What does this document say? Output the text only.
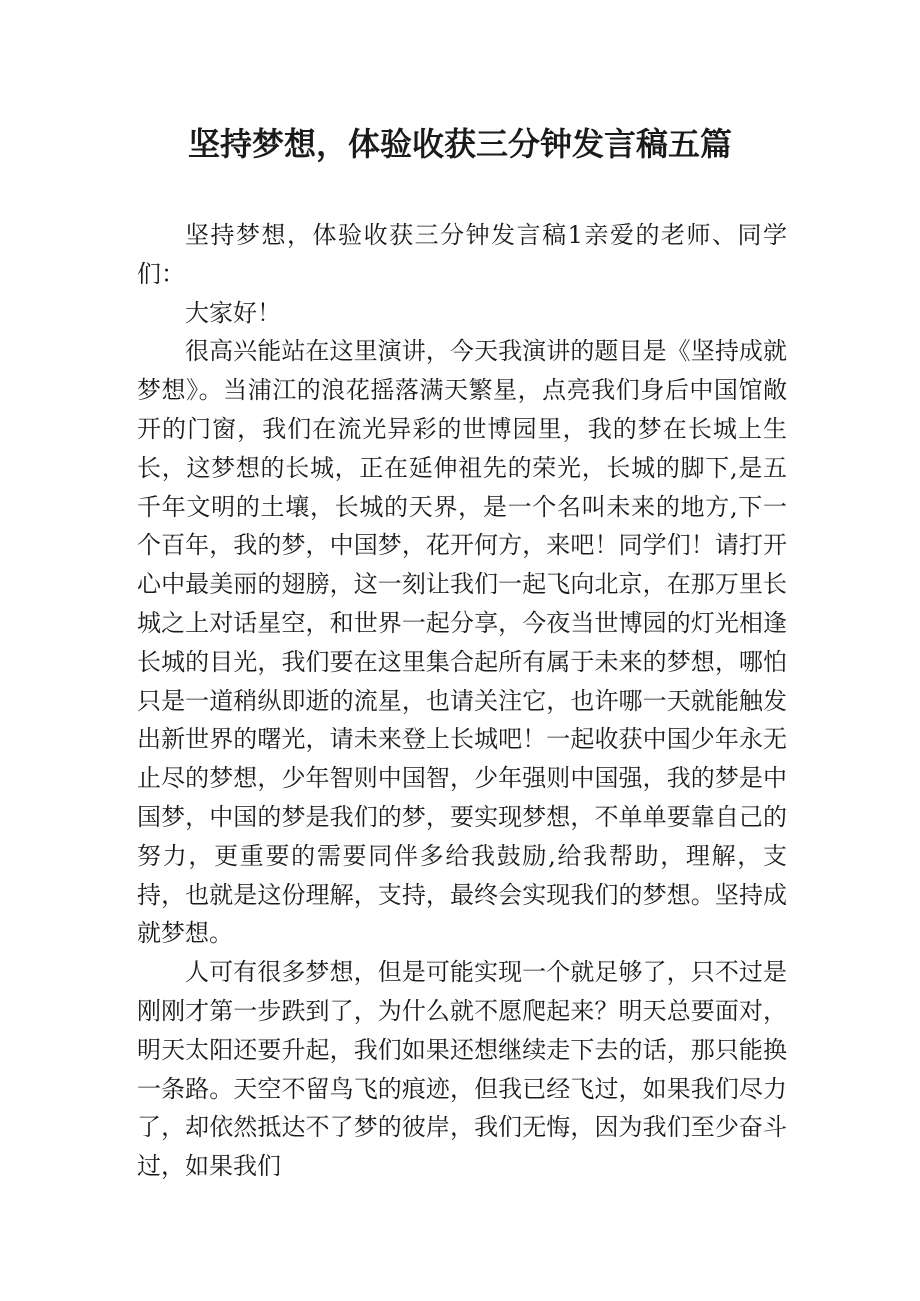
坚持梦想，体验收获三分钟发言稿五篇

坚持梦想，体验收获三分钟发言稿1亲爱的老师、同学们：

大家好！

很高兴能站在这里演讲，今天我演讲的题目是《坚持成就梦想》。当浦江的浪花摇落满天繁星，点亮我们身后中国馆敞开的门窗，我们在流光异彩的世博园里，我的梦在长城上生长，这梦想的长城，正在延伸祖先的荣光，长城的脚下,是五千年文明的土壤，长城的天界，是一个名叫未来的地方,下一个百年，我的梦，中国梦，花开何方，来吧！同学们！请打开心中最美丽的翅膀，这一刻让我们一起飞向北京，在那万里长城之上对话星空，和世界一起分享，今夜当世博园的灯光相逢长城的目光，我们要在这里集合起所有属于未来的梦想，哪怕只是一道稍纵即逝的流星，也请关注它，也许哪一天就能触发出新世界的曙光，请未来登上长城吧！一起收获中国少年永无止尽的梦想，少年智则中国智，少年强则中国强，我的梦是中国梦，中国的梦是我们的梦，要实现梦想，不单单要靠自己的努力，更重要的需要同伴多给我鼓励,给我帮助，理解，支持，也就是这份理解，支持，最终会实现我们的梦想。坚持成就梦想。

人可有很多梦想，但是可能实现一个就足够了，只不过是刚刚才第一步跌到了，为什么就不愿爬起来？明天总要面对，明天太阳还要升起，我们如果还想继续走下去的话，那只能换一条路。天空不留鸟飞的痕迹，但我已经飞过，如果我们尽力了，却依然抵达不了梦的彼岸，我们无悔，因为我们至少奋斗过，如果我们
